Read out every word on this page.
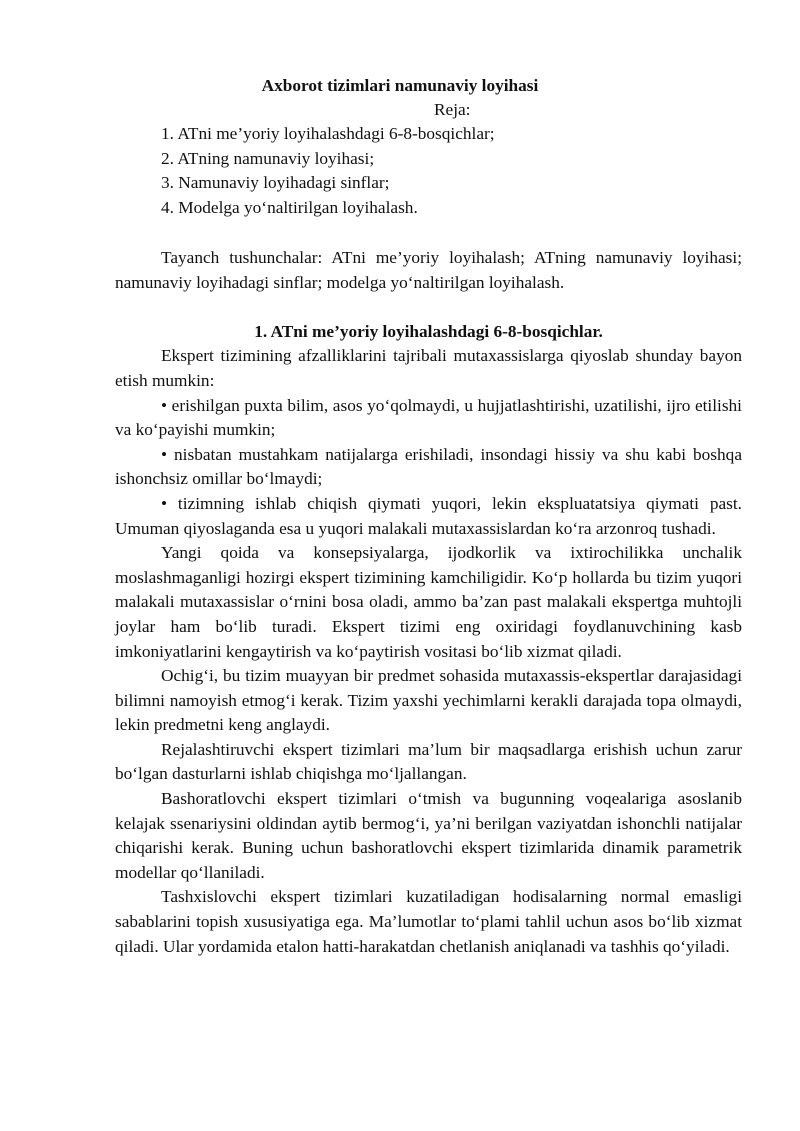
Axborot tizimlari namunaviy loyihasi
Reja:
1. ATni me’yoriy loyihalashdagi 6-8-bosqichlar;
2. ATning namunaviy loyihasi;
3. Namunaviy loyihadagi sinflar;
4. Modelga yo‘naltirilgan loyihalash.

Tayanch tushunchalar: ATni me’yoriy loyihalash; ATning namunaviy loyihasi; namunaviy loyihadagi sinflar; modelga yo‘naltirilgan loyihalash.

1. ATni me’yoriy loyihalashdagi 6-8-bosqichlar.

Ekspert tizimining afzalliklarini tajribali mutaxassislarga qiyoslab shunday bayon etish mumkin:

• erishilgan puxta bilim, asos yo‘qolmaydi, u hujjatlashtirishi, uzatilishi, ijro etilishi va ko‘payishi mumkin;

• nisbatan mustahkam natijalarga erishiladi, insondagi hissiy va shu kabi boshqa ishonchsiz omillar bo‘lmaydi;

• tizimning ishlab chiqish qiymati yuqori, lekin ekspluatatsiya qiymati past. Umuman qiyoslaganda esa u yuqori malakali mutaxassislardan ko‘ra arzonroq tushadi.

Yangi qoida va konsepsiyalarga, ijodkorlik va ixtirochilikka unchalik moslashmaganligi hozirgi ekspert tizimining kamchiligidir. Ko‘p hollarda bu tizim yuqori malakali mutaxassislar o‘rnini bosa oladi, ammo ba’zan past malakali ekspertga muhtojli joylar ham bo‘lib turadi. Ekspert tizimi eng oxiridagi foydlanuvchining kasb imkoniyatlarini kengaytirish va ko‘paytirish vositasi bo‘lib xizmat qiladi.

Ochig‘i, bu tizim muayyan bir predmet sohasida mutaxassis-ekspertlar darajasidagi bilimni namoyish etmog‘i kerak. Tizim yaxshi yechimlarni kerakli darajada topa olmaydi, lekin predmetni keng anglaydi.

Rejalashtiruvchi ekspert tizimlari ma’lum bir maqsadlarga erishish uchun zarur bo‘lgan dasturlarni ishlab chiqishga mo‘ljallangan.

Bashoratlovchi ekspert tizimlari o‘tmish va bugunning voqealariga asoslanib kelajak ssenariysini oldindan aytib bermog‘i, ya’ni berilgan vaziyatdan ishonchli natijalar chiqarishi kerak. Buning uchun bashoratlovchi ekspert tizimlarida dinamik parametrik modellar qo‘llaniladi.

Tashxislovchi ekspert tizimlari kuzatiladigan hodisalarning normal emasligi sabablarini topish xususiyatiga ega. Ma’lumotlar to‘plami tahlil uchun asos bo‘lib xizmat qiladi. Ular yordamida etalon hatti-harakatdan chetlanish aniqlanadi va tashhis qo‘yiladi.
